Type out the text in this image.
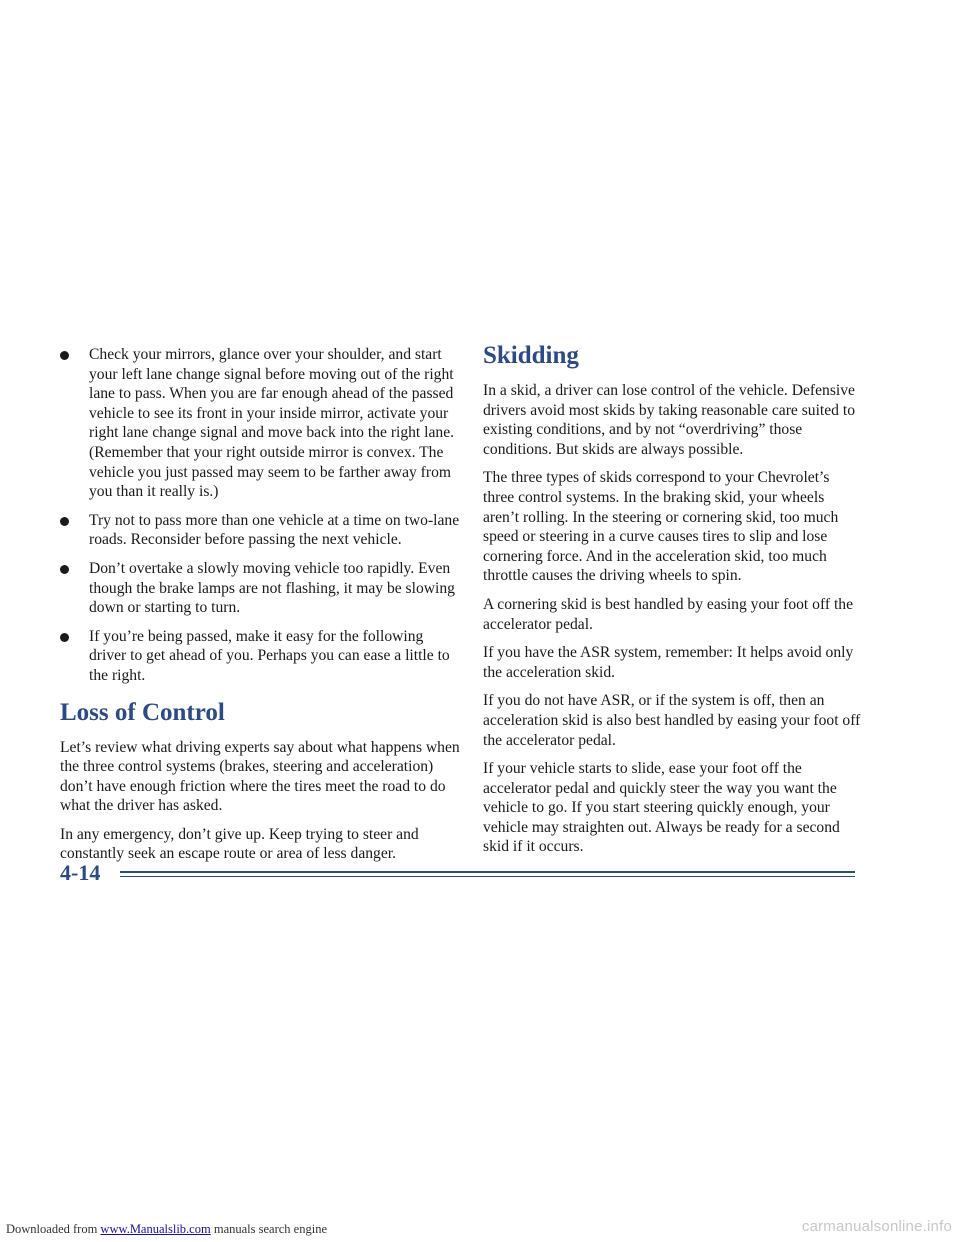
Check your mirrors, glance over your shoulder, and start your left lane change signal before moving out of the right lane to pass. When you are far enough ahead of the passed vehicle to see its front in your inside mirror, activate your right lane change signal and move back into the right lane. (Remember that your right outside mirror is convex. The vehicle you just passed may seem to be farther away from you than it really is.)
Try not to pass more than one vehicle at a time on two-lane roads. Reconsider before passing the next vehicle.
Don’t overtake a slowly moving vehicle too rapidly. Even though the brake lamps are not flashing, it may be slowing down or starting to turn.
If you’re being passed, make it easy for the following driver to get ahead of you. Perhaps you can ease a little to the right.
Loss of Control

Let’s review what driving experts say about what happens when the three control systems (brakes, steering and acceleration) don’t have enough friction where the tires meet the road to do what the driver has asked.

In any emergency, don’t give up. Keep trying to steer and constantly seek an escape route or area of less danger.

Skidding

In a skid, a driver can lose control of the vehicle. Defensive drivers avoid most skids by taking reasonable care suited to existing conditions, and by not “overdriving” those conditions. But skids are always possible.

The three types of skids correspond to your Chevrolet’s three control systems. In the braking skid, your wheels aren’t rolling. In the steering or cornering skid, too much speed or steering in a curve causes tires to slip and lose cornering force. And in the acceleration skid, too much throttle causes the driving wheels to spin.

A cornering skid is best handled by easing your foot off the accelerator pedal.

If you have the ASR system, remember: It helps avoid only the acceleration skid.

If you do not have ASR, or if the system is off, then an acceleration skid is also best handled by easing your foot off the accelerator pedal.

If your vehicle starts to slide, ease your foot off the accelerator pedal and quickly steer the way you want the vehicle to go. If you start steering quickly enough, your vehicle may straighten out. Always be ready for a second skid if it occurs.

4-14
Downloaded from www.Manualslib.com manuals search engine	carmanualsonline.info
